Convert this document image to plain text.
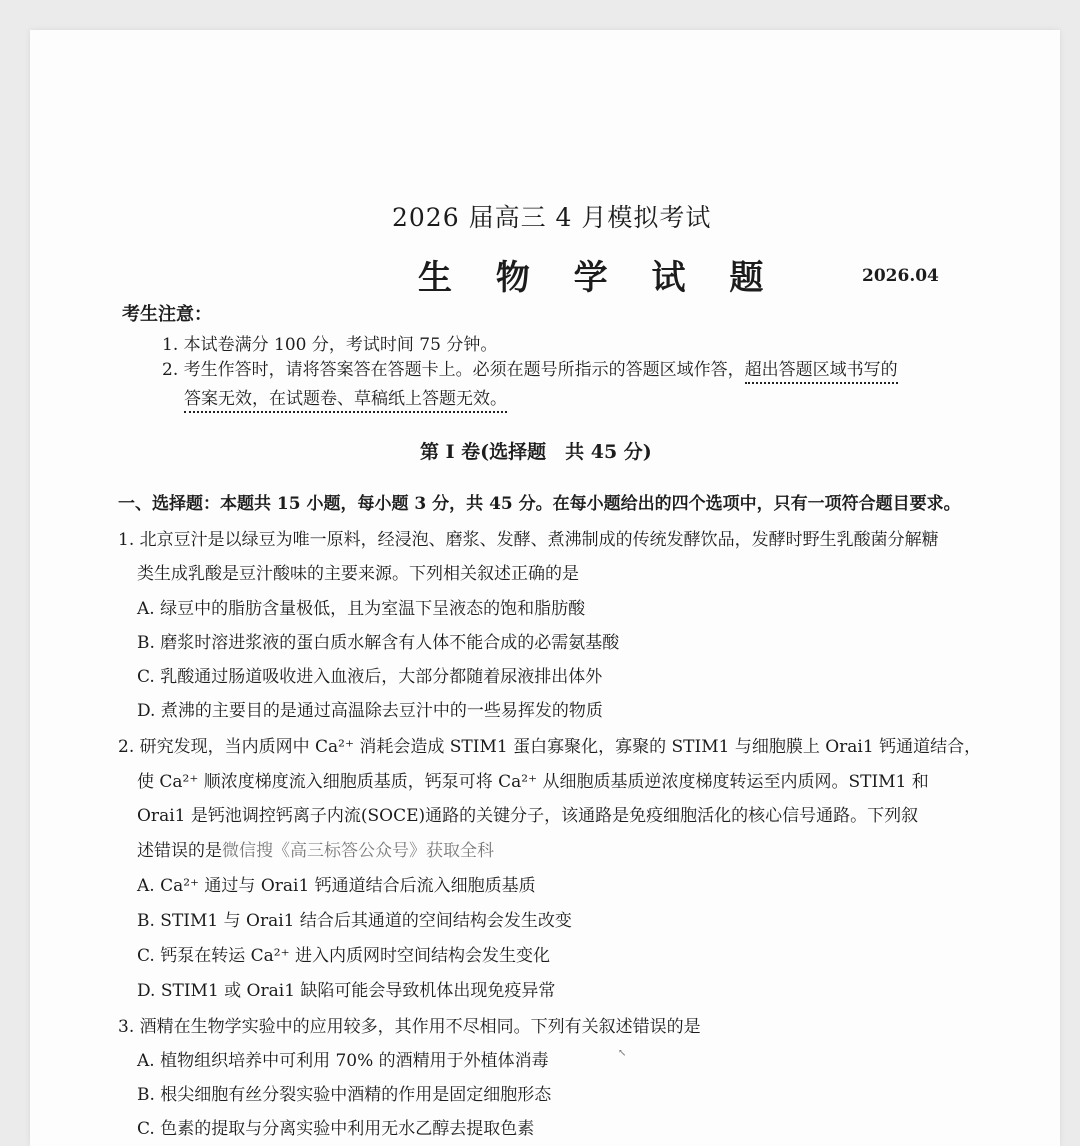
2026 届高三 4 月模拟考试
生 物 学 试 题	2026.04
考生注意：
1. 本试卷满分 100 分，考试时间 75 分钟。
2. 考生作答时，请将答案答在答题卡上。必须在题号所指示的答题区域作答，超出答题区域书写的
答案无效，在试题卷、草稿纸上答题无效。
第 I 卷(选择题　共 45 分)
一、选择题：本题共 15 小题，每小题 3 分，共 45 分。在每小题给出的四个选项中，只有一项符合题目要求。
1. 北京豆汁是以绿豆为唯一原料，经浸泡、磨浆、发酵、煮沸制成的传统发酵饮品，发酵时野生乳酸菌分解糖
类生成乳酸是豆汁酸味的主要来源。下列相关叙述正确的是
A. 绿豆中的脂肪含量极低，且为室温下呈液态的饱和脂肪酸
B. 磨浆时溶进浆液的蛋白质水解含有人体不能合成的必需氨基酸
C. 乳酸通过肠道吸收进入血液后，大部分都随着尿液排出体外
D. 煮沸的主要目的是通过高温除去豆汁中的一些易挥发的物质
2. 研究发现，当内质网中 Ca²⁺ 消耗会造成 STIM1 蛋白寡聚化，寡聚的 STIM1 与细胞膜上 Orai1 钙通道结合，
使 Ca²⁺ 顺浓度梯度流入细胞质基质，钙泵可将 Ca²⁺ 从细胞质基质逆浓度梯度转运至内质网。STIM1 和
Orai1 是钙池调控钙离子内流(SOCE)通路的关键分子，该通路是免疫细胞活化的核心信号通路。下列叙
述错误的是微信搜《高三标答公众号》获取全科
A. Ca²⁺ 通过与 Orai1 钙通道结合后流入细胞质基质
B. STIM1 与 Orai1 结合后其通道的空间结构会发生改变
C. 钙泵在转运 Ca²⁺ 进入内质网时空间结构会发生变化
D. STIM1 或 Orai1 缺陷可能会导致机体出现免疫异常
3. 酒精在生物学实验中的应用较多，其作用不尽相同。下列有关叙述错误的是
A. 植物组织培养中可利用 70% 的酒精用于外植体消毒
B. 根尖细胞有丝分裂实验中酒精的作用是固定细胞形态
C. 色素的提取与分离实验中利用无水乙醇去提取色素
↖
